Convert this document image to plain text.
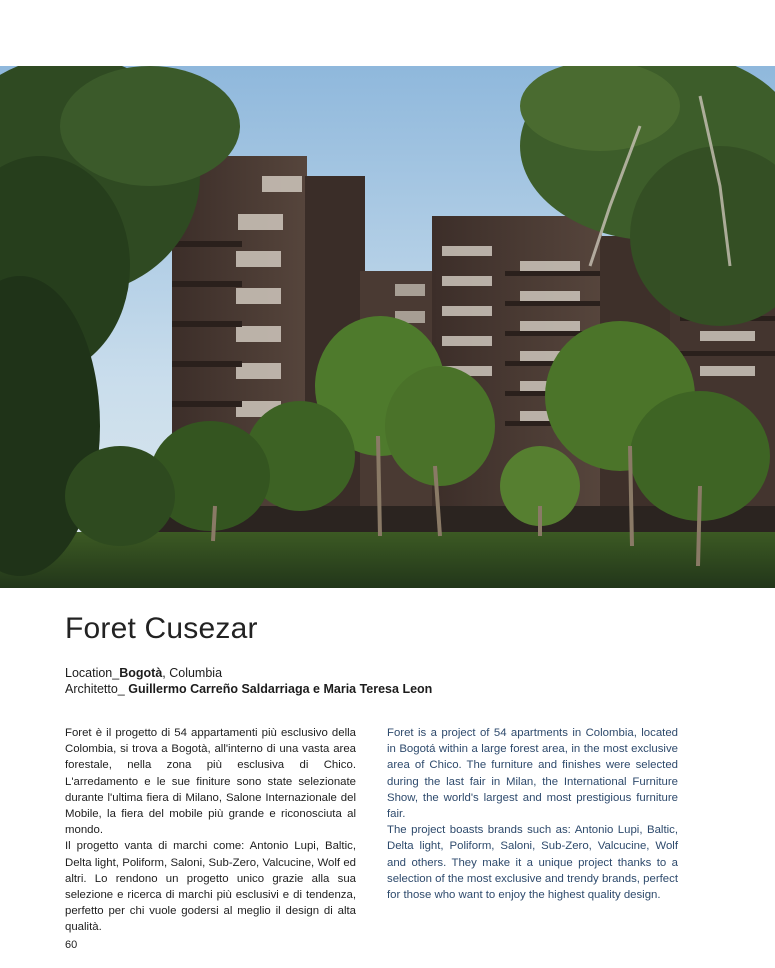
Foret Cusezar
Location_Bogotà, Columbia
Architetto_ Guillermo Carreño Saldarriaga e Maria Teresa Leon

Foret è il progetto di 54 appartamenti più esclusivo della Colombia, si trova a Bogotà, all'interno di una vasta area forestale, nella zona più esclusiva di Chico. L'arredamento e le sue finiture sono state selezionate durante l'ultima fiera di Milano, Salone Internazionale del Mobile, la fiera del mobile più grande e riconosciuta al mondo.

Il progetto vanta di marchi come: Antonio Lupi, Baltic, Delta light, Poliform, Saloni, Sub-Zero, Valcucine, Wolf ed altri. Lo rendono un progetto unico grazie alla sua selezione e ricerca di marchi più esclusivi e di tendenza, perfetto per chi vuole godersi al meglio il design di alta qualità.

Foret is a project of 54 apartments in Colombia, located in Bogotá within a large forest area, in the most exclusive area of Chico. The furniture and finishes were selected during the last fair in Milan, the International Furniture Show, the world's largest and most prestigious furniture fair.

The project boasts brands such as: Antonio Lupi, Baltic, Delta light, Poliform, Saloni, Sub-Zero, Valcucine, Wolf and others. They make it a unique project thanks to a selection of the most exclusive and trendy brands, perfect for those who want to enjoy the highest quality design.

60
